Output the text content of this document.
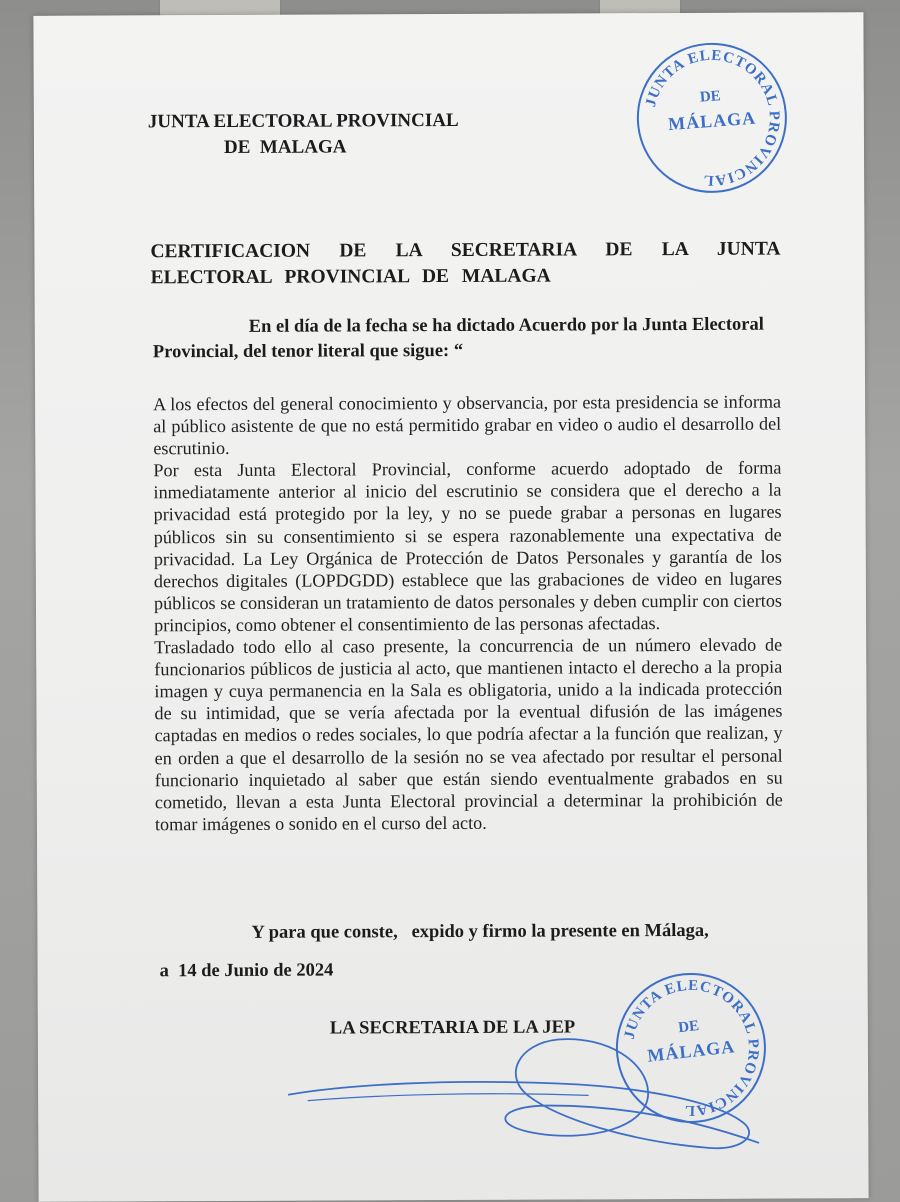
JUNTA ELECTORAL PROVINCIAL
DE  MALAGA
JUNTA ELECTORAL PROVINCIAL
DE
MÁLAGA
CERTIFICACION DE LA SECRETARIA DE LA JUNTA ELECTORAL PROVINCIAL DE MALAGA
En el día de la fecha se ha dictado Acuerdo por la Junta Electoral Provincial, del tenor literal que sigue: “

A los efectos del general conocimiento y observancia, por esta presidencia se informa al público asistente de que no está permitido grabar en video o audio el desarrollo del escrutinio.

Por esta Junta Electoral Provincial, conforme acuerdo adoptado de forma inmediatamente anterior al inicio del escrutinio se considera que el derecho a la privacidad está protegido por la ley, y no se puede grabar a personas en lugares públicos sin su consentimiento si se espera razonablemente una expectativa de privacidad. La Ley Orgánica de Protección de Datos Personales y garantía de los derechos digitales (LOPDGDD) establece que las grabaciones de video en lugares públicos se consideran un tratamiento de datos personales y deben cumplir con ciertos principios, como obtener el consentimiento de las personas afectadas.

Trasladado todo ello al caso presente, la concurrencia de un número elevado de funcionarios públicos de justicia al acto, que mantienen intacto el derecho a la propia imagen y cuya permanencia en la Sala es obligatoria, unido a la indicada protección de su intimidad, que se vería afectada por la eventual difusión de las imágenes captadas en medios o redes sociales, lo que podría afectar a la función que realizan, y en orden a que el desarrollo de la sesión no se vea afectado por resultar el personal funcionario inquietado al saber que están siendo eventualmente grabados en su cometido, llevan a esta Junta Electoral provincial a determinar la prohibición de tomar imágenes o sonido en el curso del acto.

Y para que conste,   expido y firmo la presente en Málaga,
a  14 de Junio de 2024
LA SECRETARIA DE LA JEP	JUNTA ELECTORAL PROVINCIAL
DE
MÁLAGA
